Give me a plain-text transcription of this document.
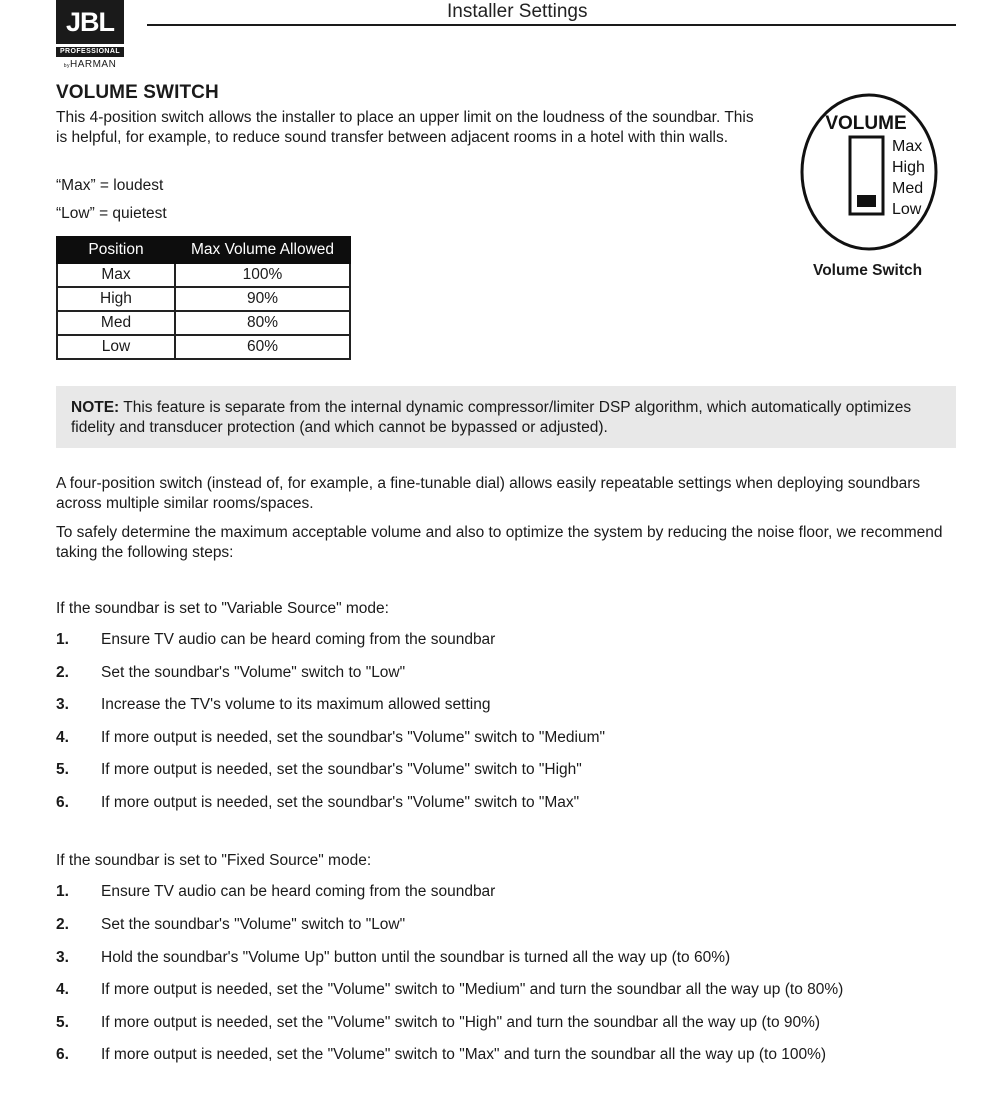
JBL
PROFESSIONAL
byHARMAN
Installer Settings
VOLUME SWITCH
This 4-position switch allows the installer to place an upper limit on the loudness of the soundbar. This is helpful, for example, to reduce sound transfer between adjacent rooms in a hotel with thin walls.
“Max” = loudest
“Low” = quietest
Position	Max Volume Allowed
Max	100%
High	90%
Med	80%
Low	60%
VOLUME
Max
High
Med
Low
Volume Switch
NOTE: This feature is separate from the internal dynamic compressor/limiter DSP algorithm, which automatically optimizes fidelity and transducer protection (and which cannot be bypassed or adjusted).
A four-position switch (instead of, for example, a fine-tunable dial) allows easily repeatable settings when deploying soundbars across multiple similar rooms/spaces.
To safely determine the maximum acceptable volume and also to optimize the system by reducing the noise floor, we recommend taking the following steps:
If the soundbar is set to "Variable Source" mode:
1. Ensure TV audio can be heard coming from the soundbar
2. Set the soundbar's "Volume" switch to "Low"
3. Increase the TV's volume to its maximum allowed setting
4. If more output is needed, set the soundbar's "Volume" switch to "Medium"
5. If more output is needed, set the soundbar's "Volume" switch to "High"
6. If more output is needed, set the soundbar's "Volume" switch to "Max"
If the soundbar is set to "Fixed Source" mode:
1. Ensure TV audio can be heard coming from the soundbar
2. Set the soundbar's "Volume" switch to "Low"
3. Hold the soundbar's "Volume Up" button until the soundbar is turned all the way up (to 60%)
4. If more output is needed, set the "Volume" switch to "Medium" and turn the soundbar all the way up (to 80%)
5. If more output is needed, set the "Volume" switch to "High" and turn the soundbar all the way up (to 90%)
6. If more output is needed, set the "Volume" switch to "Max" and turn the soundbar all the way up (to 100%)
